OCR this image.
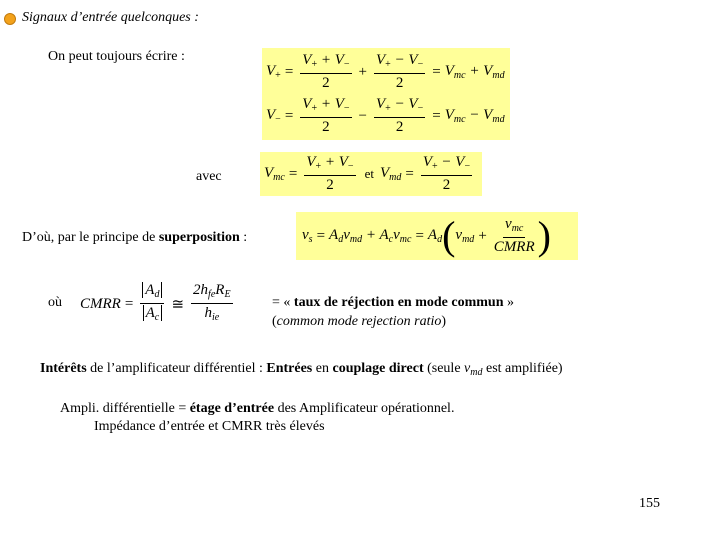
Signaux d’entrée quelconques :
On peut toujours écrire :
$V_+ = \frac{V_+ + V_-}{2} + \frac{V_+ - V_-}{2} = V_{mc} + V_{md}$
$V_- = \frac{V_+ + V_-}{2} - \frac{V_+ - V_-}{2} = V_{mc} - V_{md}$
avec	$V_{mc} = \frac{V_+ + V_-}{2}$ et $V_{md} = \frac{V_+ - V_-}{2}$
D’où, par le principe de superposition :	$v_s = A_dv_{md} + A_cv_{mc} = A_d$ ( $v_{md} + \frac{v_{mc}}{\text{CMRR}}$ )
où CMRR = $\frac{A_d}{A_c}$ ≅ $\frac{2h_{fe}R_E}{h_{ie}}$	= « taux de réjection en mode commun »
(common mode rejection ratio)
Intérêts de l’amplificateur différentiel : Entrées en couplage direct (seule $v_{md}$ est amplifiée)
Ampli. différentielle = étage d’entrée des Amplificateur opérationnel.
Impédance d’entrée et CMRR très élevés
155
